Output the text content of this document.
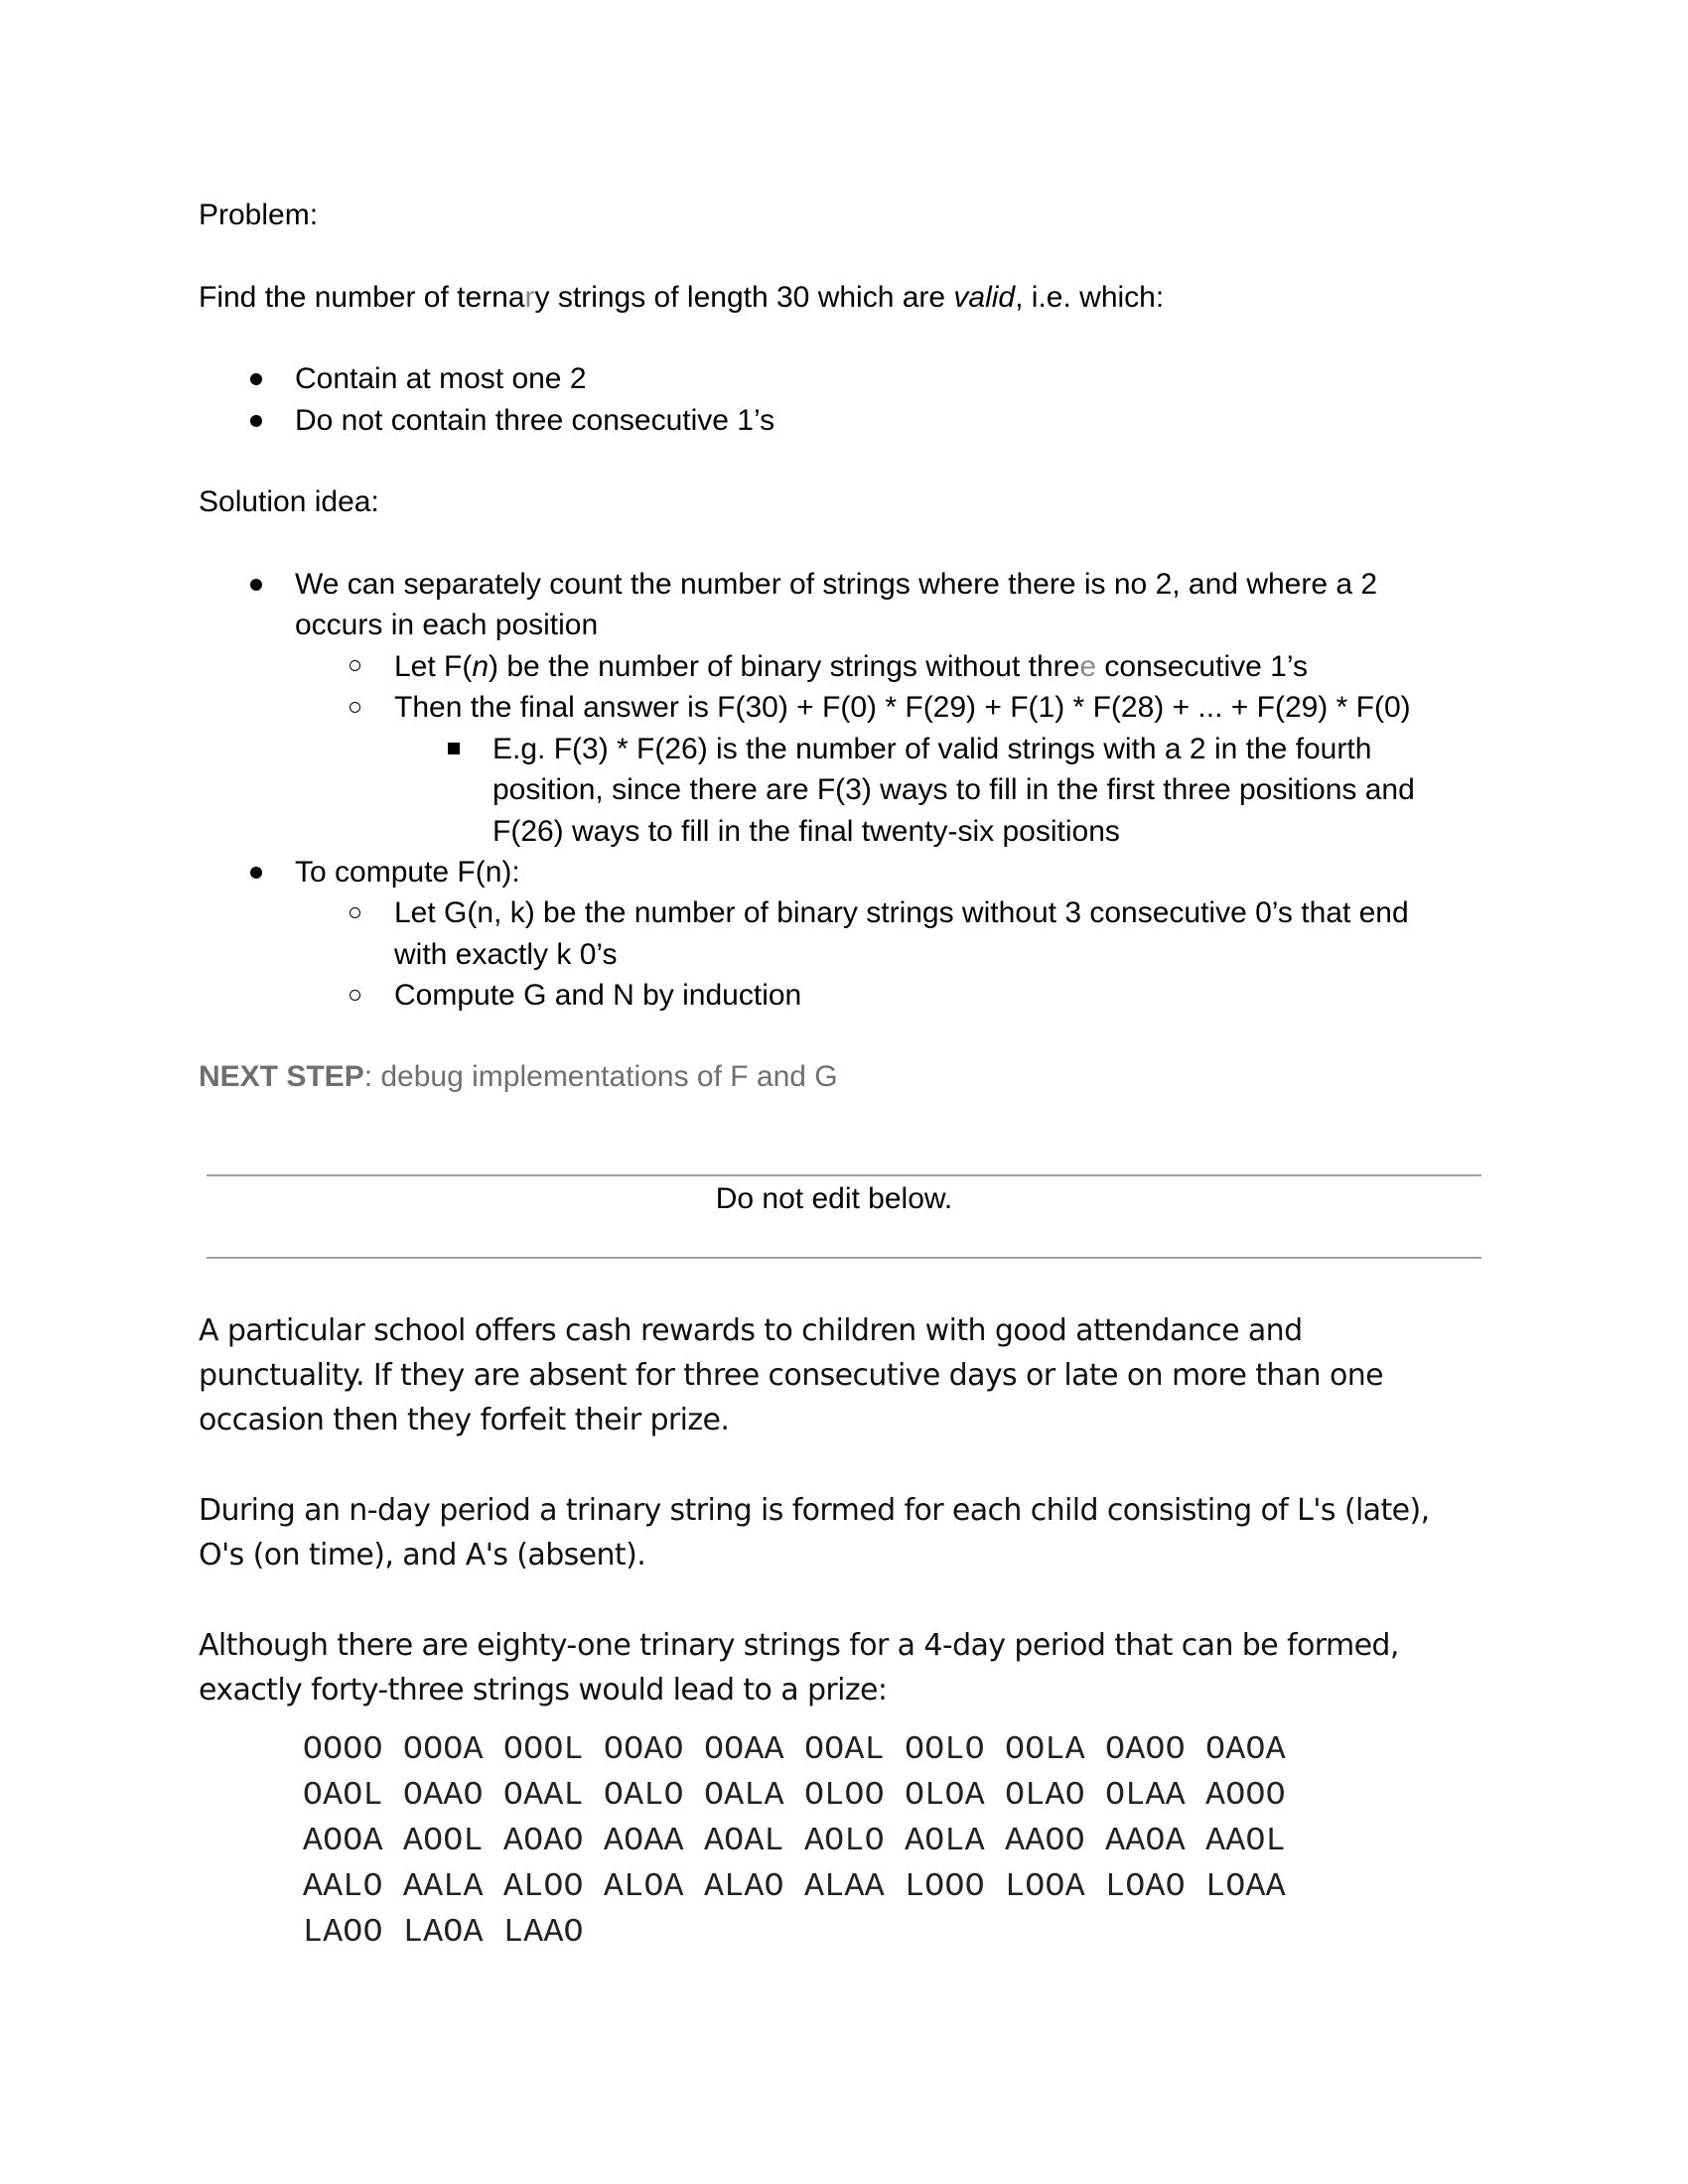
Problem:
Find the number of ternary strings of length 30 which are valid, i.e. which:
Contain at most one 2
Do not contain three consecutive 1’s
Solution idea:
We can separately count the number of strings where there is no 2, and where a 2
occurs in each position
Let F(n) be the number of binary strings without three consecutive 1’s
Then the final answer is F(30) + F(0) * F(29) + F(1) * F(28) + ... + F(29) * F(0)
E.g. F(3) * F(26) is the number of valid strings with a 2 in the fourth
position, since there are F(3) ways to fill in the first three positions and
F(26) ways to fill in the final twenty-six positions
To compute F(n):
Let G(n, k) be the number of binary strings without 3 consecutive 0’s that end
with exactly k 0’s
Compute G and N by induction
NEXT STEP: debug implementations of F and G
Do not edit below.
A particular school offers cash rewards to children with good attendance and
punctuality. If they are absent for three consecutive days or late on more than one
occasion then they forfeit their prize.
During an n-day period a trinary string is formed for each child consisting of L's (late),
O's (on time), and A's (absent).
Although there are eighty-one trinary strings for a 4-day period that can be formed,
exactly forty-three strings would lead to a prize:
OOOO OOOA OOOL OOAO OOAA OOAL OOLO OOLA OAOO OAOA
OAOL OAAO OAAL OALO OALA OLOO OLOA OLAO OLAA AOOO
AOOA AOOL AOAO AOAA AOAL AOLO AOLA AAOO AAOA AAOL
AALO AALA ALOO ALOA ALAO ALAA LOOO LOOA LOAO LOAA
LAOO LAOA LAAO
